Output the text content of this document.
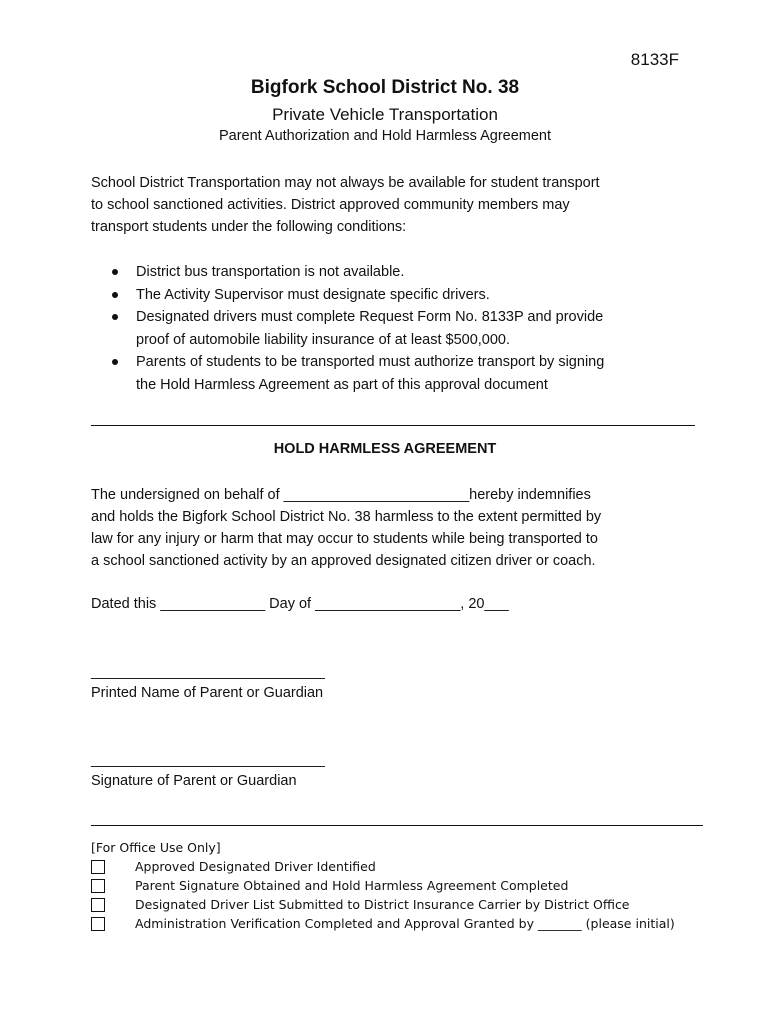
8133F
Bigfork School District No. 38
Private Vehicle Transportation
Parent Authorization and Hold Harmless Agreement

School District Transportation may not always be available for student transport
to school sanctioned activities. District approved community members may
transport students under the following conditions:

District bus transportation is not available.
The Activity Supervisor must designate specific drivers.
Designated drivers must complete Request Form No. 8133P and provide
proof of automobile liability insurance of at least $500,000.
Parents of students to be transported must authorize transport by signing
the Hold Harmless Agreement as part of this approval document
HOLD HARMLESS AGREEMENT

The undersigned on behalf of _______________________hereby indemnifies
and holds the Bigfork School District No. 38 harmless to the extent permitted by
law for any injury or harm that may occur to students while being transported to
a school sanctioned activity by an approved designated citizen driver or coach.

Dated this _____________ Day of __________________, 20___
_____________________________
Printed Name of Parent or Guardian
_____________________________
Signature of Parent or Guardian
[For Office Use Only]
Approved Designated Driver Identified
Parent Signature Obtained and Hold Harmless Agreement Completed
Designated Driver List Submitted to District Insurance Carrier by District Office
Administration Verification Completed and Approval Granted by _______ (please initial)
